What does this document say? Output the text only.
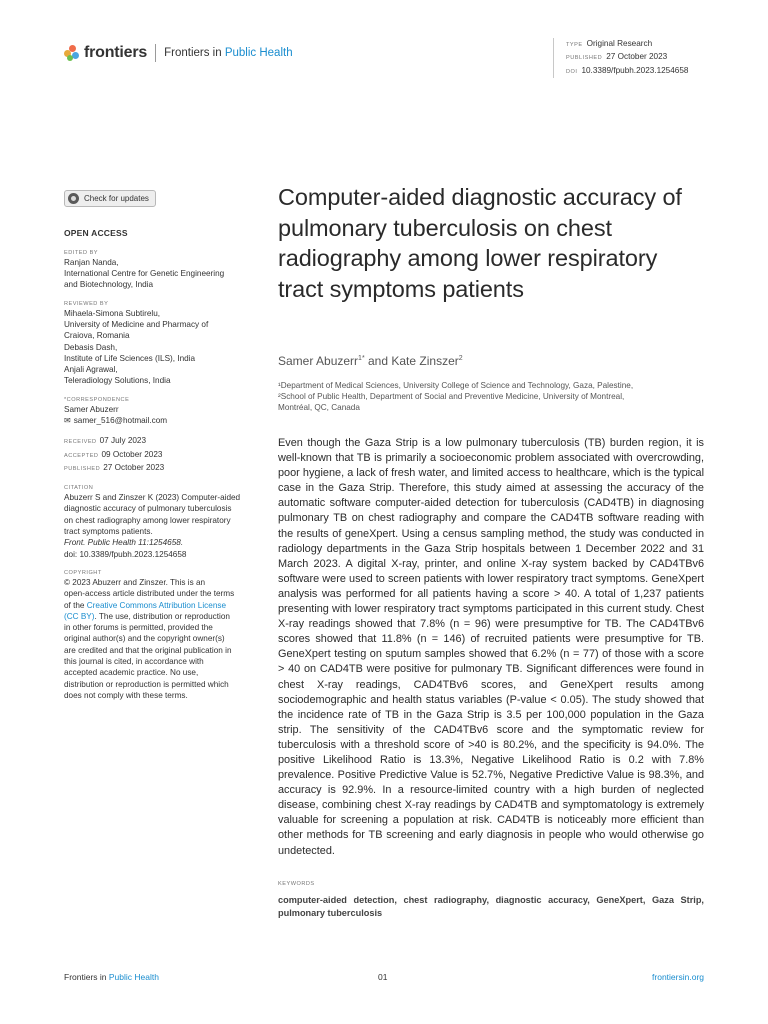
frontiers Frontiers in Public Health
TYPE Original Research
PUBLISHED 27 October 2023
DOI 10.3389/fpubh.2023.1254658
Check for updates
OPEN ACCESS
EDITED BY
Ranjan Nanda,
International Centre for Genetic Engineering
and Biotechnology, India
REVIEWED BY
Mihaela-Simona Subtirelu,
University of Medicine and Pharmacy of
Craiova, Romania
Debasis Dash,
Institute of Life Sciences (ILS), India
Anjali Agrawal,
Teleradiology Solutions, India
*CORRESPONDENCE
Samer Abuzerr
✉ samer_516@hotmail.com
RECEIVED 07 July 2023
ACCEPTED 09 October 2023
PUBLISHED 27 October 2023
CITATION
Abuzerr S and Zinszer K (2023) Computer-aided
diagnostic accuracy of pulmonary tuberculosis
on chest radiography among lower respiratory
tract symptoms patients.
Front. Public Health 11:1254658.
doi: 10.3389/fpubh.2023.1254658
COPYRIGHT
© 2023 Abuzerr and Zinszer. This is an
open-access article distributed under the terms
of the Creative Commons Attribution License
(CC BY). The use, distribution or reproduction
in other forums is permitted, provided the
original author(s) and the copyright owner(s)
are credited and that the original publication in
this journal is cited, in accordance with
accepted academic practice. No use,
distribution or reproduction is permitted which
does not comply with these terms.
Computer-aided diagnostic accuracy of pulmonary tuberculosis on chest radiography among lower respiratory tract symptoms patients
Samer Abuzerr$^{1*}$ and Kate Zinszer$^2$
¹Department of Medical Sciences, University College of Science and Technology, Gaza, Palestine,
²School of Public Health, Department of Social and Preventive Medicine, University of Montreal,
Montréal, QC, Canada
Even though the Gaza Strip is a low pulmonary tuberculosis (TB) burden region, it is well-known that TB is primarily a socioeconomic problem associated with overcrowding, poor hygiene, a lack of fresh water, and limited access to healthcare, which is the typical case in the Gaza Strip. Therefore, this study aimed at assessing the accuracy of the automatic software computer-aided detection for tuberculosis (CAD4TB) in diagnosing pulmonary TB on chest radiography and compare the CAD4TB software reading with the results of geneXpert. Using a census sampling method, the study was conducted in radiology departments in the Gaza Strip hospitals between 1 December 2022 and 31 March 2023. A digital X-ray, printer, and online X-ray system backed by CAD4TBv6 software were used to screen patients with lower respiratory tract symptoms. GeneXpert analysis was performed for all patients having a score > 40. A total of 1,237 patients presenting with lower respiratory tract symptoms participated in this current study. Chest X-ray readings showed that 7.8% (n = 96) were presumptive for TB. The CAD4TBv6 scores showed that 11.8% (n = 146) of recruited patients were presumptive for TB. GeneXpert testing on sputum samples showed that 6.2% (n = 77) of those with a score > 40 on CAD4TB were positive for pulmonary TB. Significant differences were found in chest X-ray readings, CAD4TBv6 scores, and GeneXpert results among sociodemographic and health status variables (P-value < 0.05). The study showed that the incidence rate of TB in the Gaza Strip is 3.5 per 100,000 population in the Gaza strip. The sensitivity of the CAD4TBv6 score and the symptomatic review for tuberculosis with a threshold score of >40 is 80.2%, and the specificity is 94.0%. The positive Likelihood Ratio is 13.3%, Negative Likelihood Ratio is 0.2 with 7.8% prevalence. Positive Predictive Value is 52.7%, Negative Predictive Value is 98.3%, and accuracy is 92.9%. In a resource-limited country with a high burden of neglected disease, combining chest X-ray readings by CAD4TB and symptomatology is extremely valuable for screening a population at risk. CAD4TB is noticeably more efficient than other methods for TB screening and early diagnosis in people who would otherwise go undetected.
KEYWORDS
computer-aided detection, chest radiography, diagnostic accuracy, GeneXpert, Gaza Strip, pulmonary tuberculosis
Frontiers in Public Health	01	frontiersin.org
